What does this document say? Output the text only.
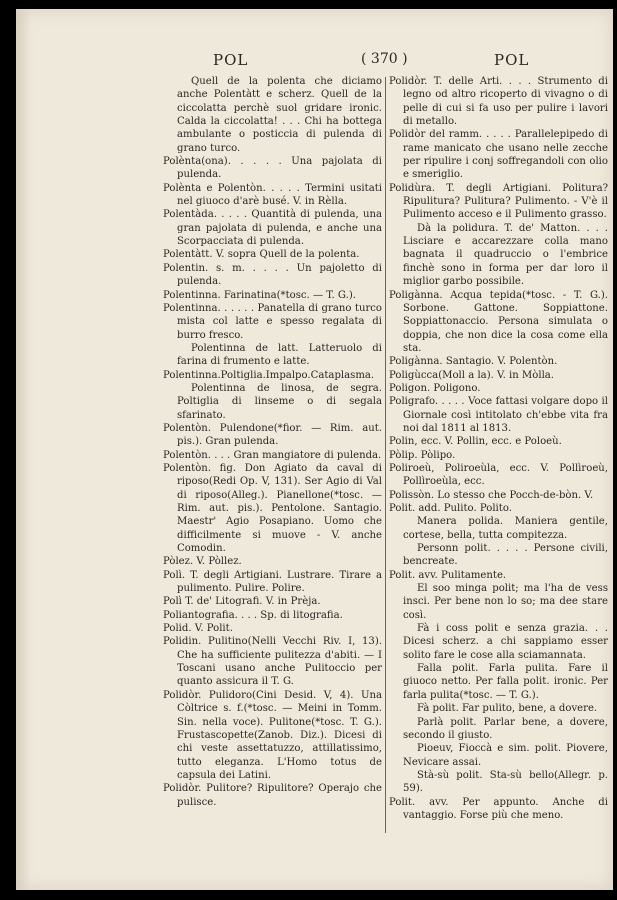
POL	( 370 )	POL

Quell de la polenta che diciamo anche Polentàtt e scherz. Quell de la ciccolatta perchè suol gridare ironic. Calda la ciccolatta! . . . Chi ha bottega ambulante o posticcia di pulenda di grano turco.

Polènta(ona). . . . . Una pajolata di pulenda.

Polènta e Polentòn. . . . . Termini usitati nel giuoco d'arè busé. V. in Rèlla.

Polentàda. . . . . Quantità di pulenda, una gran pajolata di pulenda, e anche una Scorpacciata di pulenda.

Polentàtt. V. sopra Quell de la polenta.

Polentin. s. m. . . . . Un pajoletto di pulenda.

Polentinna. Farinatina(*tosc. — T. G.).

Polentinna. . . . . . Panatella di grano turco mista col latte e spesso regalata di burro fresco.

Polentinna de latt. Latteruolo di farina di frumento e latte.

Polentinna.Poltiglia.Impalpo.Cataplasma.

Polentinna de linosa, de segra. Poltiglia di linseme o di segala sfarinato.

Polentòn. Pulendone(*fior. — Rim. aut. pis.). Gran pulenda.

Polentòn. . . . Gran mangiatore di pulenda.

Polentòn. fig. Don Agiato da caval di riposo(Redi Op. V, 131). Ser Agio di Val di riposo(Alleg.). Pianellone(*tosc. — Rim. aut. pis.). Pentolone. Santagio. Maestr' Agio Posapiano. Uomo che difficilmente si muove - V. anche Comodin.

Pòlez. V. Pòllez.

Polì. T. degli Artigiani. Lustrare. Tirare a pulimento. Pulire. Polire.

Polì T. de' Litografi. V. in Prèja.

Poliantografia. . . . Sp. di litografia.

Polid. V. Polit.

Polidin. Pulitino(Nelli Vecchi Riv. I, 13). Che ha sufficiente pulitezza d'abiti. — I Toscani usano anche Pulitoccio per quanto assicura il T. G.

Polidòr. Pulidoro(Cini Desid. V, 4). Una Còltrice s. f.(*tosc. — Meini in Tomm. Sin. nella voce). Pulitone(*tosc. T. G.). Frustascopette(Zanob. Diz.). Dicesi di chi veste assettatuzzo, attillatissimo, tutto eleganza. L'Homo totus de capsula dei Latini.

Polidòr. Pulitore? Ripulitore? Operajo che pulisce.

Polidòr. T. delle Arti. . . . Strumento di legno od altro ricoperto di vivagno o di pelle di cui si fa uso per pulire i lavori di metallo.

Polidòr del ramm. . . . . Parallelepipedo di rame manicato che usano nelle zecche per ripulire i conj soffregandoli con olio e smeriglio.

Polidùra. T. degli Artigiani. Politura? Ripulitura? Pulitura? Pulimento. - V'è il Pulimento acceso e il Pulimento grasso.

Dà la polidura. T. de' Matton. . . . Lisciare e accarezzare colla mano bagnata il quadruccio o l'embrice finchè sono in forma per dar loro il miglior garbo possibile.

Poligànna. Acqua tepida(*tosc. - T. G.). Sorbone. Gattone. Soppiattone. Soppiattonaccio. Persona simulata o doppia, che non dice la cosa come ella sta.

Poligànna. Santagio. V. Polentòn.

Poligùcca(Moll a la). V. in Mòlla.

Poligon. Poligono.

Poligrafo. . . . . Voce fattasi volgare dopo il Giornale così intitolato ch'ebbe vita fra noi dal 1811 al 1813.

Polin, ecc. V. Pollin, ecc. e Poloeù.

Pòlip. Pòlipo.

Poliroeù, Poliroeùla, ecc. V. Pollìroeù, Pollìroeùla, ecc.

Polissòn. Lo stesso che Pocch-de-bòn. V.

Polit. add. Pulito. Polito.

Manera polida. Maniera gentile, cortese, bella, tutta compitezza.

Personn polit. . . . . Persone civili, bencreate.

Polit. avv. Pulitamente.

El soo minga polit; ma l'ha de vess insci. Per bene non lo so; ma dee stare così.

Fà i coss polit e senza grazia. . . Dicesi scherz. a chi sappiamo esser solito fare le cose alla sciamannata.

Falla polit. Farla pulita. Fare il giuoco netto. Per falla polit. ironic. Per farla pulita(*tosc. — T. G.).

Fà polit. Far pulito, bene, a dovere.

Parlà polit. Parlar bene, a dovere, secondo il giusto.

Pioeuv, Fioccà e sim. polit. Piovere, Nevicare assai.

Stà-sù polit. Sta-sù bello(Allegr. p. 59).

Polit. avv. Per appunto. Anche di vantaggio. Forse più che meno.
